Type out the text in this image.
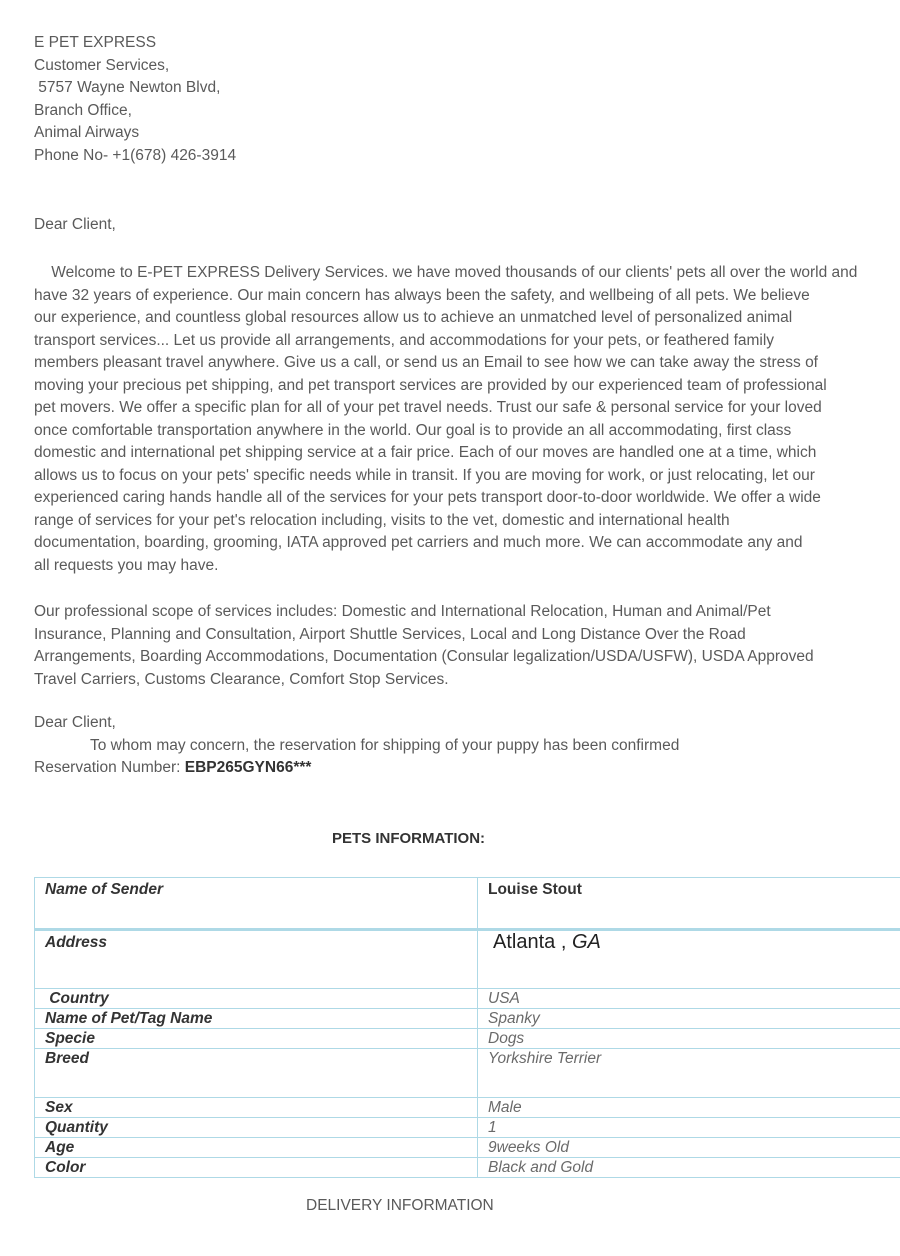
E PET EXPRESS
Customer Services,
5757 Wayne Newton Blvd,
Branch Office,
Animal Airways
Phone No- +1(678) 426-3914
Dear Client,
Welcome to E-PET EXPRESS Delivery Services. we have moved thousands of our clients' pets all over the world and
have 32 years of experience. Our main concern has always been the safety, and wellbeing of all pets. We believe
our experience, and countless global resources allow us to achieve an unmatched level of personalized animal
transport services... Let us provide all arrangements, and accommodations for your pets, or feathered family
members pleasant travel anywhere. Give us a call, or send us an Email to see how we can take away the stress of
moving your precious pet shipping, and pet transport services are provided by our experienced team of professional
pet movers. We offer a specific plan for all of your pet travel needs. Trust our safe & personal service for your loved
once comfortable transportation anywhere in the world. Our goal is to provide an all accommodating, first class
domestic and international pet shipping service at a fair price. Each of our moves are handled one at a time, which
allows us to focus on your pets' specific needs while in transit. If you are moving for work, or just relocating, let our
experienced caring hands handle all of the services for your pets transport door-to-door worldwide. We offer a wide
range of services for your pet's relocation including, visits to the vet, domestic and international health
documentation, boarding, grooming, IATA approved pet carriers and much more. We can accommodate any and
all requests you may have.
Our professional scope of services includes: Domestic and International Relocation, Human and Animal/Pet
Insurance, Planning and Consultation, Airport Shuttle Services, Local and Long Distance Over the Road
Arrangements, Boarding Accommodations, Documentation (Consular legalization/USDA/USFW), USDA Approved
Travel Carriers, Customs Clearance, Comfort Stop Services.
Dear Client,
To whom may concern, the reservation for shipping of your puppy has been confirmed
Reservation Number: EBP265GYN66***
PETS INFORMATION:
Name of Sender	Louise Stout
Address	Atlanta , GA
Country	USA
Name of Pet/Tag Name	Spanky
Specie	Dogs
Breed	Yorkshire Terrier
Sex	Male
Quantity	1
Age	9weeks Old
Color	Black and Gold
DELIVERY INFORMATION
